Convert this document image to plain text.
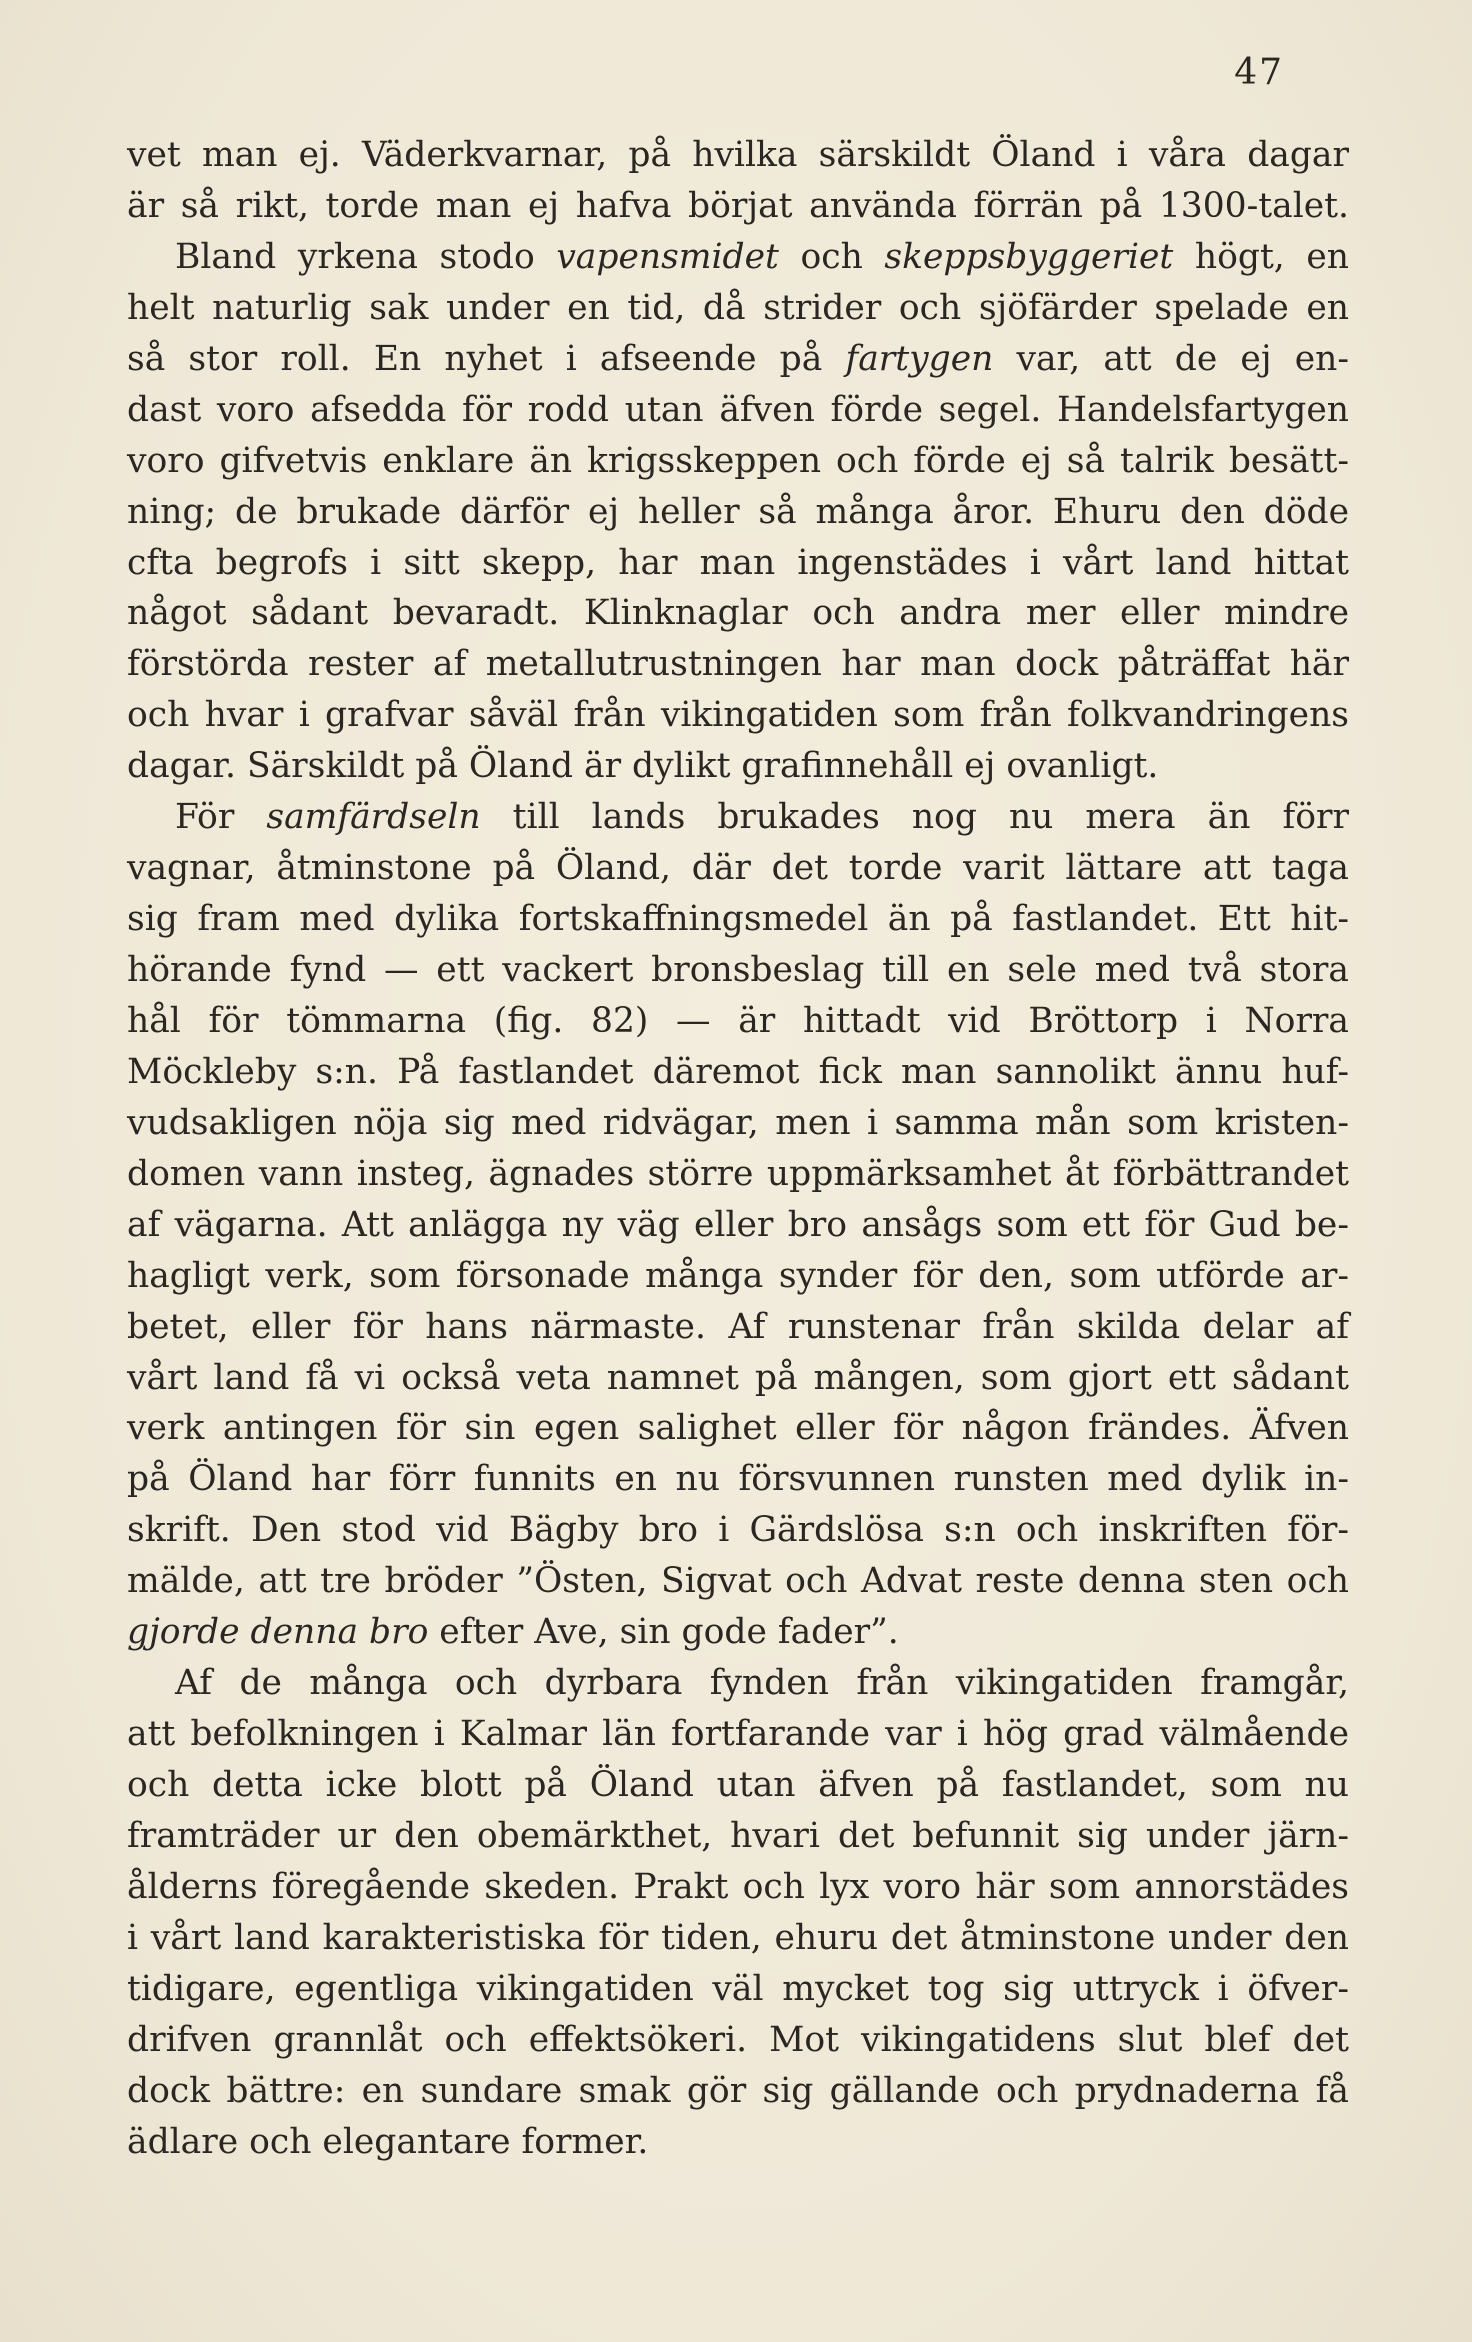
47
vet man ej. Väderkvarnar, på hvilka särskildt Öland i våra dagar
är så rikt, torde man ej hafva börjat använda förrän på 1300-talet.
Bland yrkena stodo vapensmidet och skeppsbyggeriet högt, en
helt naturlig sak under en tid, då strider och sjöfärder spelade en
så stor roll. En nyhet i afseende på fartygen var, att de ej en-
dast voro afsedda för rodd utan äfven förde segel. Handelsfartygen
voro gifvetvis enklare än krigsskeppen och förde ej så talrik besätt-
ning; de brukade därför ej heller så många åror. Ehuru den döde
cfta begrofs i sitt skepp, har man ingenstädes i vårt land hittat
något sådant bevaradt. Klinknaglar och andra mer eller mindre
förstörda rester af metallutrustningen har man dock påträffat här
och hvar i grafvar såväl från vikingatiden som från folkvandringens
dagar. Särskildt på Öland är dylikt grafinnehåll ej ovanligt.
För samfärdseln till lands brukades nog nu mera än förr
vagnar, åtminstone på Öland, där det torde varit lättare att taga
sig fram med dylika fortskaffningsmedel än på fastlandet. Ett hit-
hörande fynd — ett vackert bronsbeslag till en sele med två stora
hål för tömmarna (fig. 82) — är hittadt vid Bröttorp i Norra
Möckleby s:n. På fastlandet däremot fick man sannolikt ännu huf-
vudsakligen nöja sig med ridvägar, men i samma mån som kristen-
domen vann insteg, ägnades större uppmärksamhet åt förbättrandet
af vägarna. Att anlägga ny väg eller bro ansågs som ett för Gud be-
hagligt verk, som försonade många synder för den, som utförde ar-
betet, eller för hans närmaste. Af runstenar från skilda delar af
vårt land få vi också veta namnet på mången, som gjort ett sådant
verk antingen för sin egen salighet eller för någon frändes. Äfven
på Öland har förr funnits en nu försvunnen runsten med dylik in-
skrift. Den stod vid Bägby bro i Gärdslösa s:n och inskriften för-
mälde, att tre bröder ”Östen, Sigvat och Advat reste denna sten och
gjorde denna bro efter Ave, sin gode fader”.
Af de många och dyrbara fynden från vikingatiden framgår,
att befolkningen i Kalmar län fortfarande var i hög grad välmående
och detta icke blott på Öland utan äfven på fastlandet, som nu
framträder ur den obemärkthet, hvari det befunnit sig under järn-
ålderns föregående skeden. Prakt och lyx voro här som annorstädes
i vårt land karakteristiska för tiden, ehuru det åtminstone under den
tidigare, egentliga vikingatiden väl mycket tog sig uttryck i öfver-
drifven grannlåt och effektsökeri. Mot vikingatidens slut blef det
dock bättre: en sundare smak gör sig gällande och prydnaderna få
ädlare och elegantare former.
